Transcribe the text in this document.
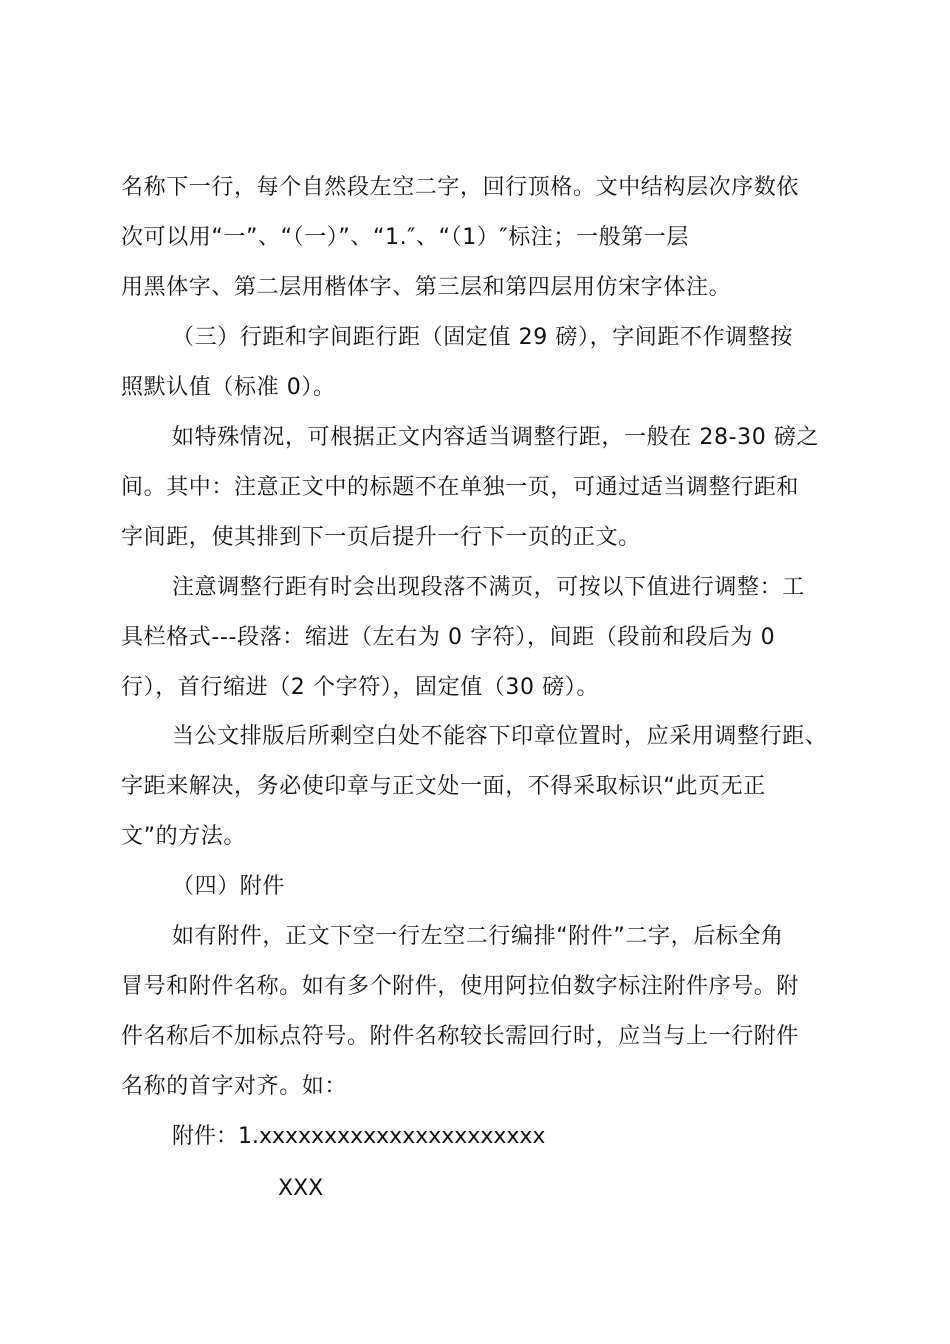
名称下一行，每个自然段左空二字，回行顶格。文中结构层次序数依
次可以用“一”、“（一）”、“1.″、“（1）″标注；一般第一层
用黑体字、第二层用楷体字、第三层和第四层用仿宋字体注。
（三）行距和字间距行距（固定值 29 磅），字间距不作调整按
照默认值（标准 0）。
如特殊情况，可根据正文内容适当调整行距，一般在 28-30 磅之
间。其中：注意正文中的标题不在单独一页，可通过适当调整行距和
字间距，使其排到下一页后提升一行下一页的正文。
注意调整行距有时会出现段落不满页，可按以下值进行调整：工
具栏格式---段落：缩进（左右为 0 字符），间距（段前和段后为 0
行），首行缩进（2 个字符），固定值（30 磅）。
当公文排版后所剩空白处不能容下印章位置时，应采用调整行距、
字距来解决，务必使印章与正文处一面，不得采取标识“此页无正
文”的方法。
（四）附件
如有附件，正文下空一行左空二行编排“附件”二字，后标全角
冒号和附件名称。如有多个附件，使用阿拉伯数字标注附件序号。附
件名称后不加标点符号。附件名称较长需回行时，应当与上一行附件
名称的首字对齐。如：
附件：1.xxxxxxxxxxxxxxxxxxxxxx
XXX
